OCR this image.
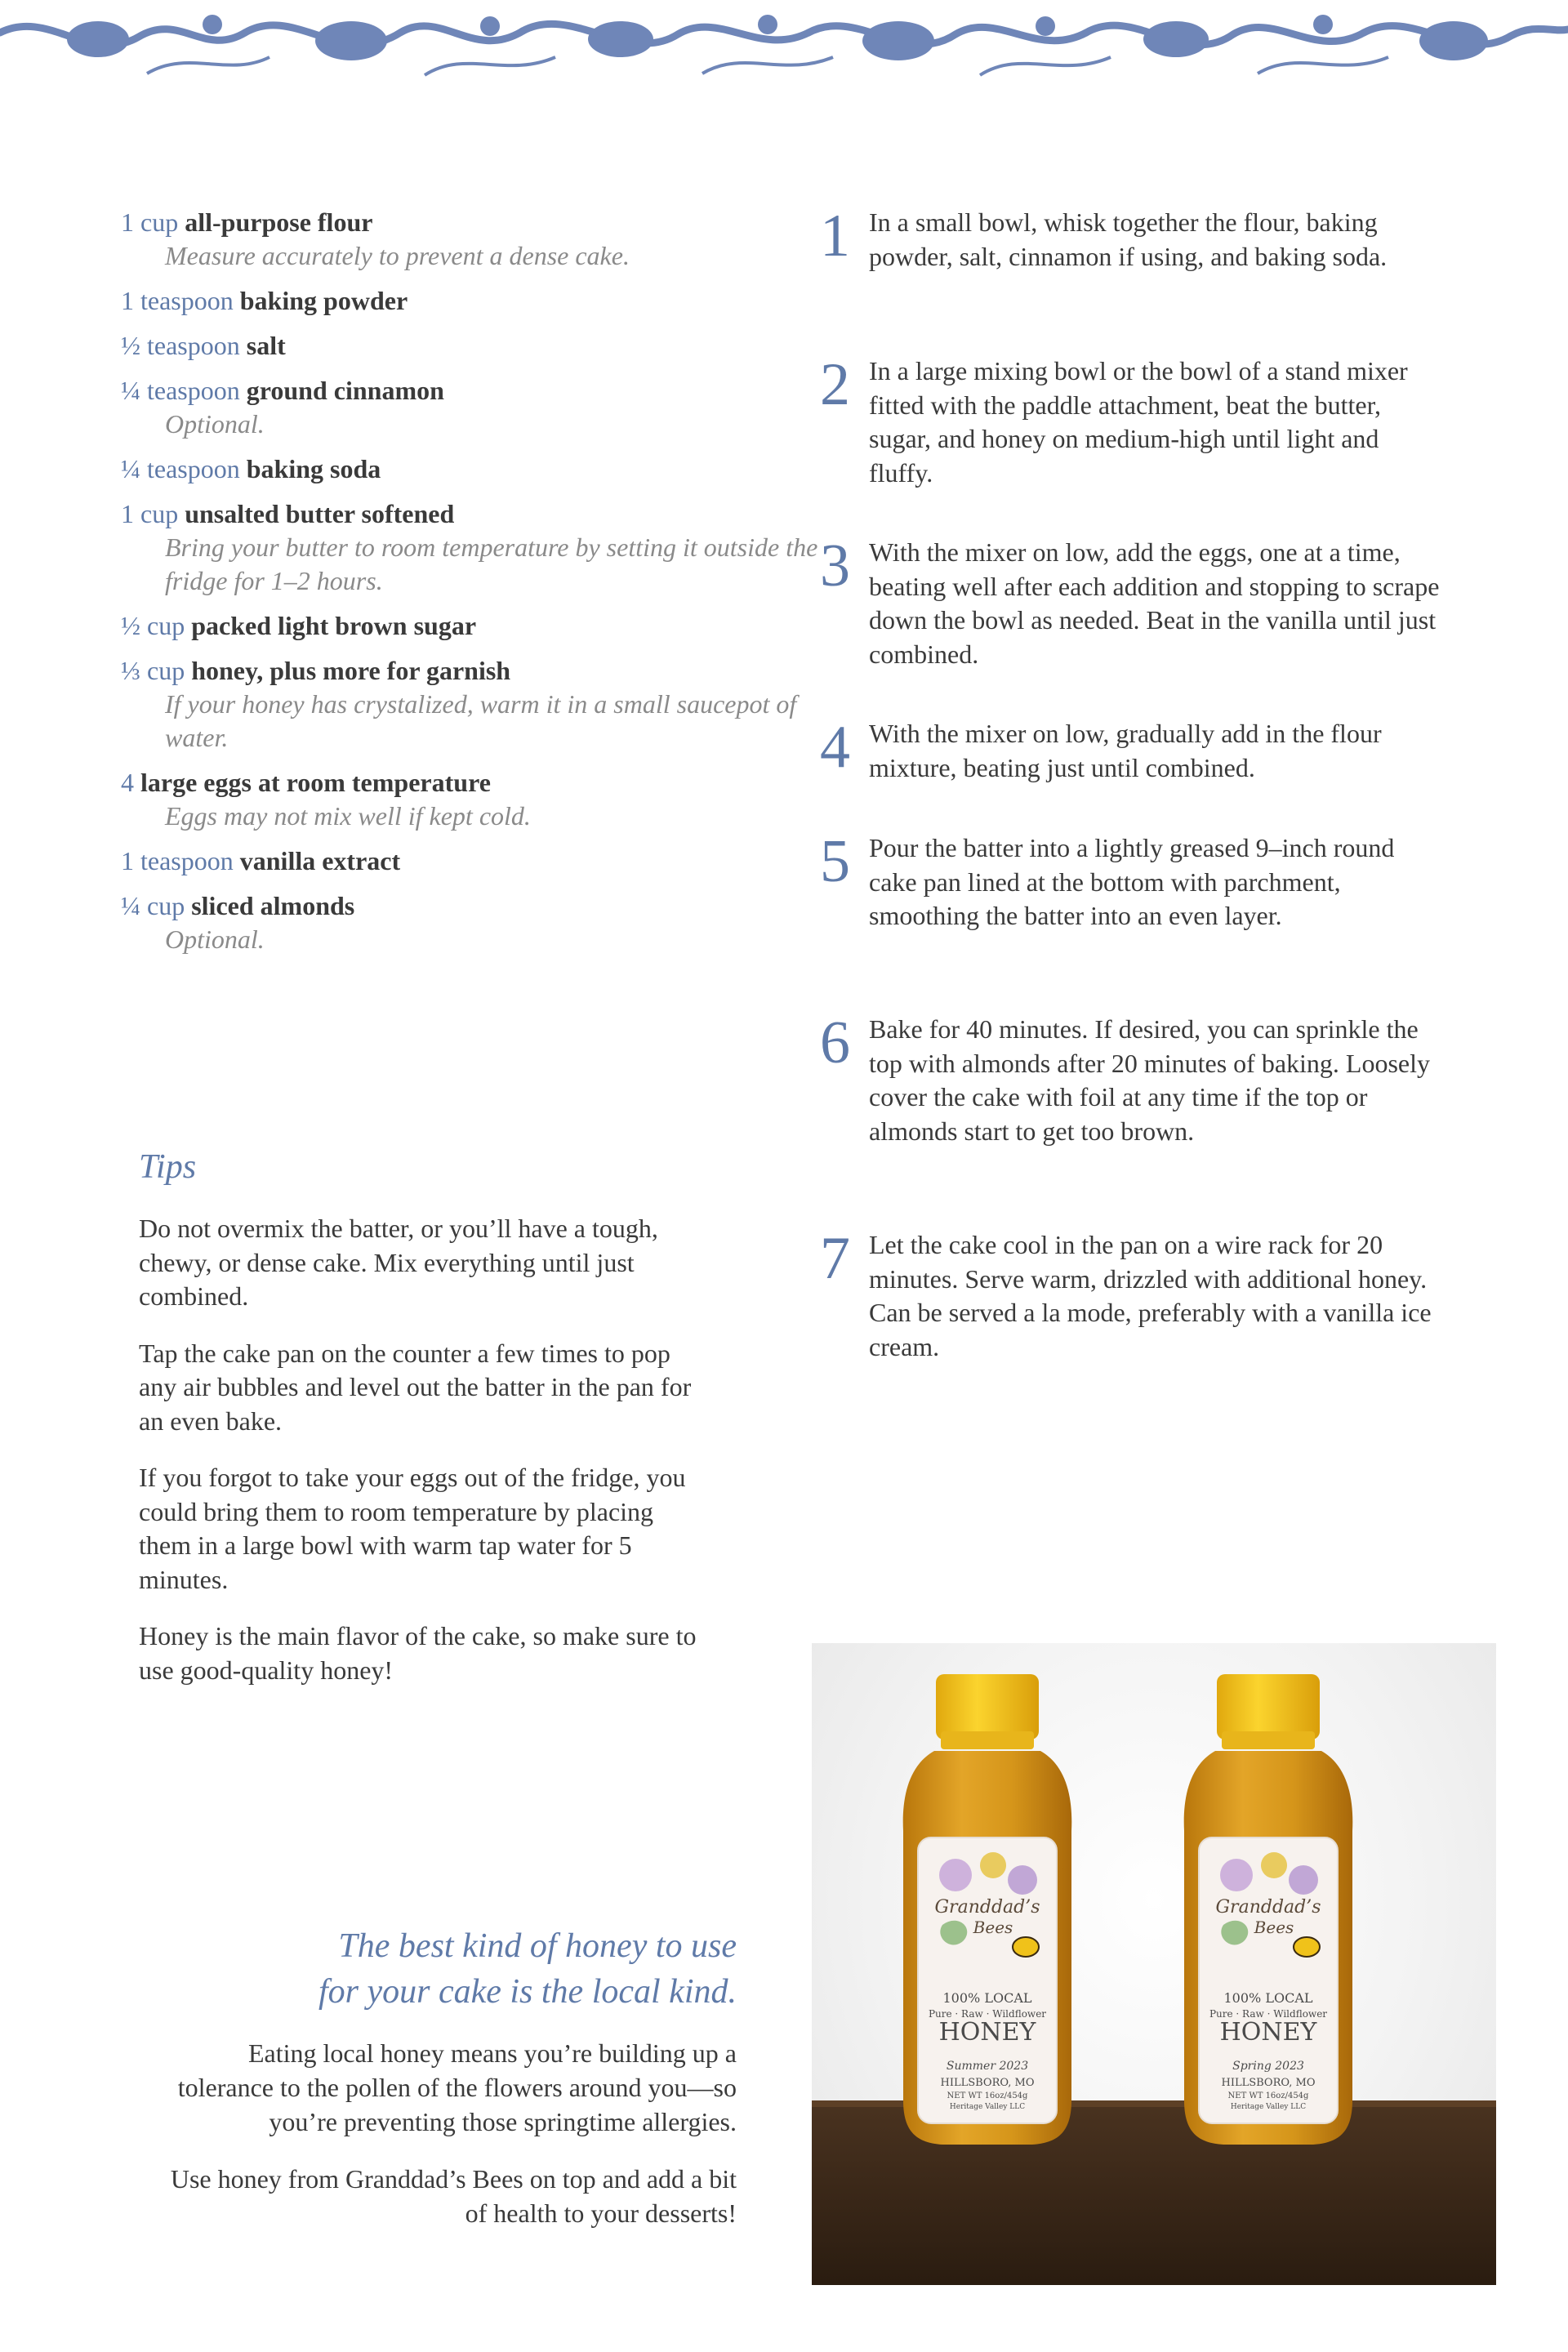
1 cup all-purpose flour
Measure accurately to prevent a dense cake.
1 teaspoon baking powder
½ teaspoon salt
¼ teaspoon ground cinnamon
Optional.
¼ teaspoon baking soda
1 cup unsalted butter softened
Bring your butter to room temperature by setting it outside the fridge for 1–2 hours.
½ cup packed light brown sugar
⅓ cup honey, plus more for garnish
If your honey has crystalized, warm it in a small saucepot of water.
4 large eggs at room temperature
Eggs may not mix well if kept cold.
1 teaspoon vanilla extract
¼ cup sliced almonds
Optional.
Tips

Do not overmix the batter, or you’ll have a tough, chewy, or dense cake. Mix everything until just combined.

Tap the cake pan on the counter a few times to pop any air bubbles and level out the batter in the pan for an even bake.

If you forgot to take your eggs out of the fridge, you could bring them to room temperature by placing them in a large bowl with warm tap water for 5 minutes.

Honey is the main flavor of the cake, so make sure to use good-quality honey!

1 In a small bowl, whisk together the flour, baking powder, salt, cinnamon if using, and baking soda.
2 In a large mixing bowl or the bowl of a stand mixer fitted with the paddle attachment, beat the butter, sugar, and honey on medium-high until light and fluffy.
3 With the mixer on low, add the eggs, one at a time, beating well after each addition and stopping to scrape down the bowl as needed. Beat in the vanilla until just combined.
4 With the mixer on low, gradually add in the flour mixture, beating just until combined.
5 Pour the batter into a lightly greased 9–inch round cake pan lined at the bottom with parchment, smoothing the batter into an even layer.
6 Bake for 40 minutes. If desired, you can sprinkle the top with almonds after 20 minutes of baking. Loosely cover the cake with foil at any time if the top or almonds start to get too brown.
7 Let the cake cool in the pan on a wire rack for 20 minutes. Serve warm, drizzled with additional honey. Can be served a la mode, preferably with a vanilla ice cream.
The best kind of honey to use
for your cake is the local kind.

Eating local honey means you’re building up a tolerance to the pollen of the flowers around you—so you’re preventing those springtime allergies.

Use honey from Granddad’s Bees on top and add a bit of health to your desserts!

Granddad’s
Bees
100% LOCAL
Pure · Raw · Wildflower
HONEY
Summer 2023
HILLSBORO, MO
NET WT 16oz/454g
Heritage Valley LLC
Granddad’s
Bees
100% LOCAL
Pure · Raw · Wildflower
HONEY
Spring 2023
HILLSBORO, MO
NET WT 16oz/454g
Heritage Valley LLC
